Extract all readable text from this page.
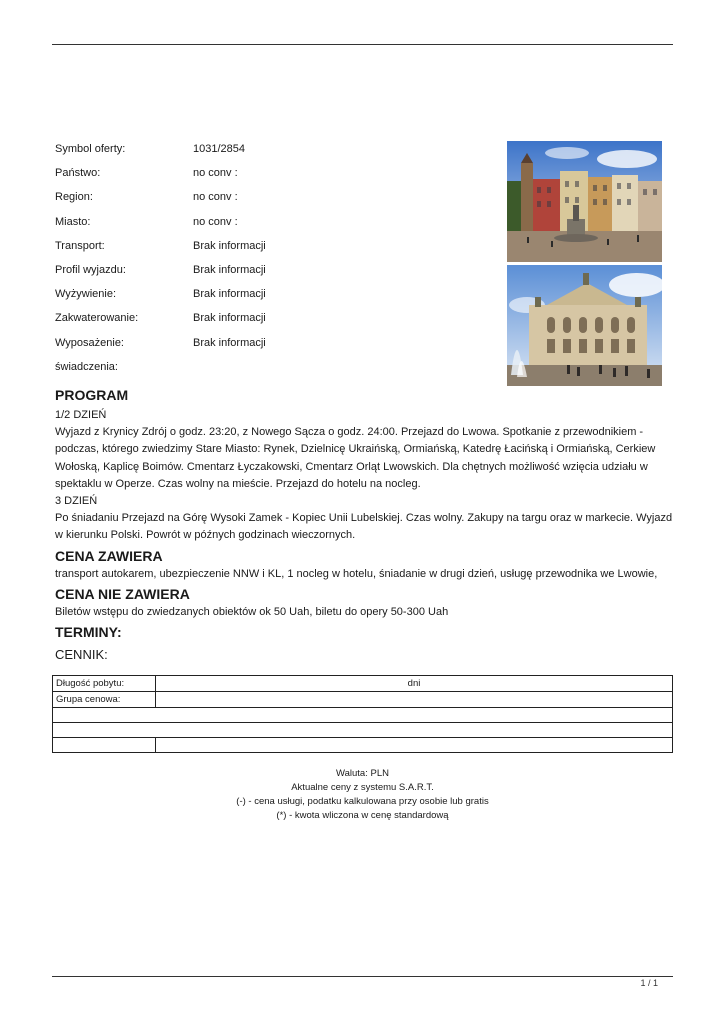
Symbol oferty:	1031/2854
Państwo:	no conv :
Region:	no conv :
Miasto:	no conv :
Transport:	Brak informacji
Profil wyjazdu:	Brak informacji
Wyżywienie:	Brak informacji
Zakwaterowanie:	Brak informacji
Wyposażenie:	Brak informacji
świadczenia:
PROGRAM

1/2 DZIEŃ

Wyjazd z Krynicy Zdrój o godz. 23:20, z Nowego Sącza o godz. 24:00. Przejazd do Lwowa. Spotkanie z przewodnikiem - podczas, którego zwiedzimy Stare Miasto: Rynek, Dzielnicę Ukraińską, Ormiańską, Katedrę Łacińską i Ormiańską, Cerkiew Wołoską, Kaplicę Boimów. Cmentarz Łyczakowski, Cmentarz Orląt Lwowskich. Dla chętnych możliwość wzięcia udziału w spektaklu w Operze. Czas wolny na mieście. Przejazd do hotelu na nocleg.

3 DZIEŃ

Po śniadaniu Przejazd na Górę Wysoki Zamek - Kopiec Unii Lubelskiej. Czas wolny. Zakupy na targu oraz w markecie. Wyjazd w kierunku Polski. Powrót w późnych godzinach wieczornych.

CENA ZAWIERA

transport autokarem, ubezpieczenie NNW i KL, 1 nocleg w hotelu, śniadanie w drugi dzień, usługę przewodnika we Lwowie,

CENA NIE ZAWIERA

Biletów wstępu do zwiedzanych obiektów ok 50 Uah, biletu do opery 50-300 Uah

TERMINY:

CENNIK:

Długość pobytu:	dni
Grupa cenowa:	

Waluta: PLN
Aktualne ceny z systemu S.A.R.T.
(-) - cena usługi, podatku kalkulowana przy osobie lub gratis
(*) - kwota wliczona w cenę standardową
1 / 1
